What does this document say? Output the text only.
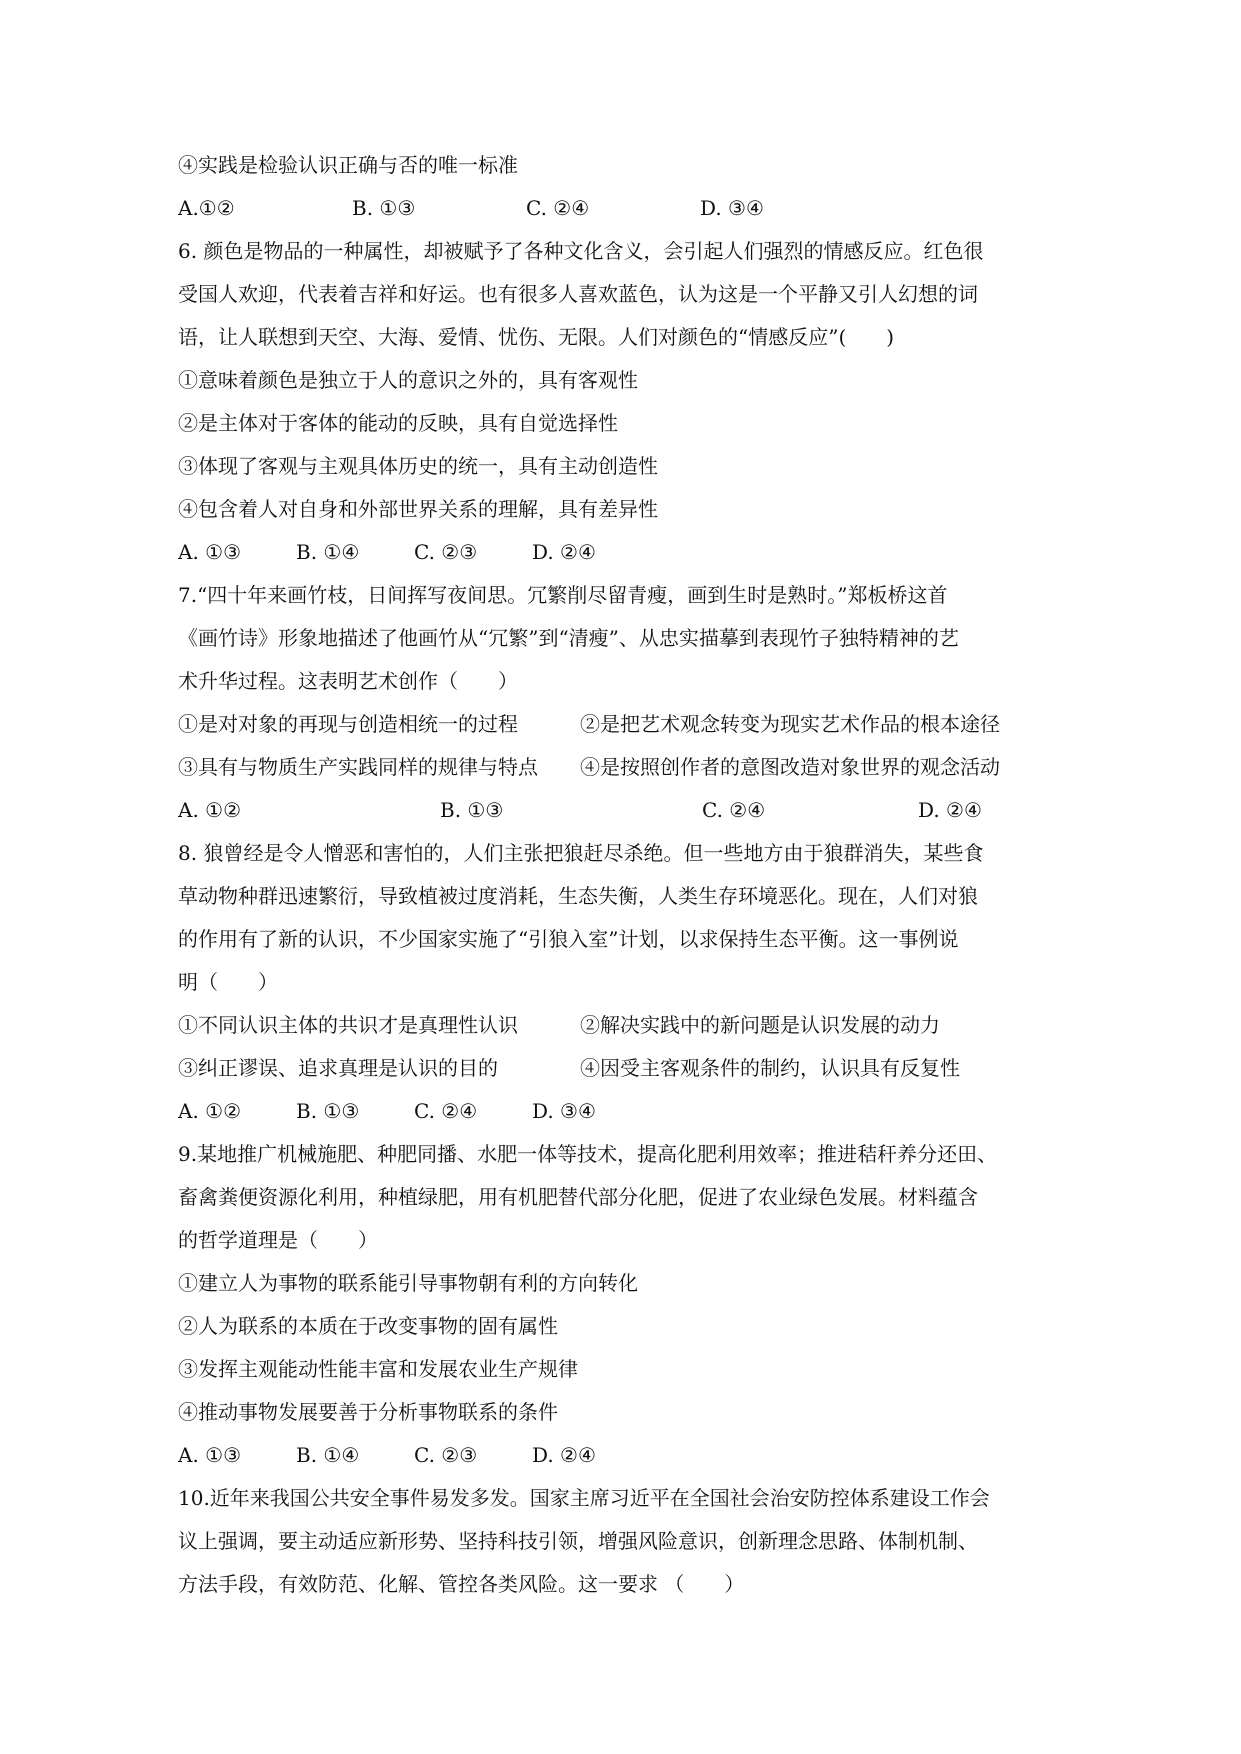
④实践是检验认识正确与否的唯一标准
A.①②	B. ①③	C. ②④	D. ③④
6. 颜色是物品的一种属性，却被赋予了各种文化含义，会引起人们强烈的情感反应。红色很
受国人欢迎，代表着吉祥和好运。也有很多人喜欢蓝色，认为这是一个平静又引人幻想的词
语，让人联想到天空、大海、爱情、忧伤、无限。人们对颜色的“情感反应”(　　)
①意味着颜色是独立于人的意识之外的，具有客观性
②是主体对于客体的能动的反映，具有自觉选择性
③体现了客观与主观具体历史的统一，具有主动创造性
④包含着人对自身和外部世界关系的理解，具有差异性
A. ①③	B. ①④	C. ②③	D. ②④
7.“四十年来画竹枝，日间挥写夜间思。冗繁削尽留青瘦，画到生时是熟时。”郑板桥这首
《画竹诗》形象地描述了他画竹从“冗繁”到“清瘦”、从忠实描摹到表现竹子独特精神的艺
术升华过程。这表明艺术创作（　　）
①是对对象的再现与创造相统一的过程	②是把艺术观念转变为现实艺术作品的根本途径
③具有与物质生产实践同样的规律与特点	④是按照创作者的意图改造对象世界的观念活动
A. ①②	B. ①③	C. ②④	D. ②④
8. 狼曾经是令人憎恶和害怕的，人们主张把狼赶尽杀绝。但一些地方由于狼群消失，某些食
草动物种群迅速繁衍，导致植被过度消耗，生态失衡，人类生存环境恶化。现在，人们对狼
的作用有了新的认识，不少国家实施了“引狼入室”计划，以求保持生态平衡。这一事例说
明（　　）
①不同认识主体的共识才是真理性认识	②解决实践中的新问题是认识发展的动力
③纠正谬误、追求真理是认识的目的	④因受主客观条件的制约，认识具有反复性
A. ①②	B. ①③	C. ②④	D. ③④
9.某地推广机械施肥、种肥同播、水肥一体等技术，提高化肥利用效率；推进秸秆养分还田、
畜禽粪便资源化利用，种植绿肥，用有机肥替代部分化肥，促进了农业绿色发展。材料蕴含
的哲学道理是（　　）
①建立人为事物的联系能引导事物朝有利的方向转化
②人为联系的本质在于改变事物的固有属性
③发挥主观能动性能丰富和发展农业生产规律
④推动事物发展要善于分析事物联系的条件
A. ①③	B. ①④	C. ②③	D. ②④
10.近年来我国公共安全事件易发多发。国家主席习近平在全国社会治安防控体系建设工作会
议上强调，要主动适应新形势、坚持科技引领，增强风险意识，创新理念思路、体制机制、
方法手段，有效防范、化解、管控各类风险。这一要求 （　　）
